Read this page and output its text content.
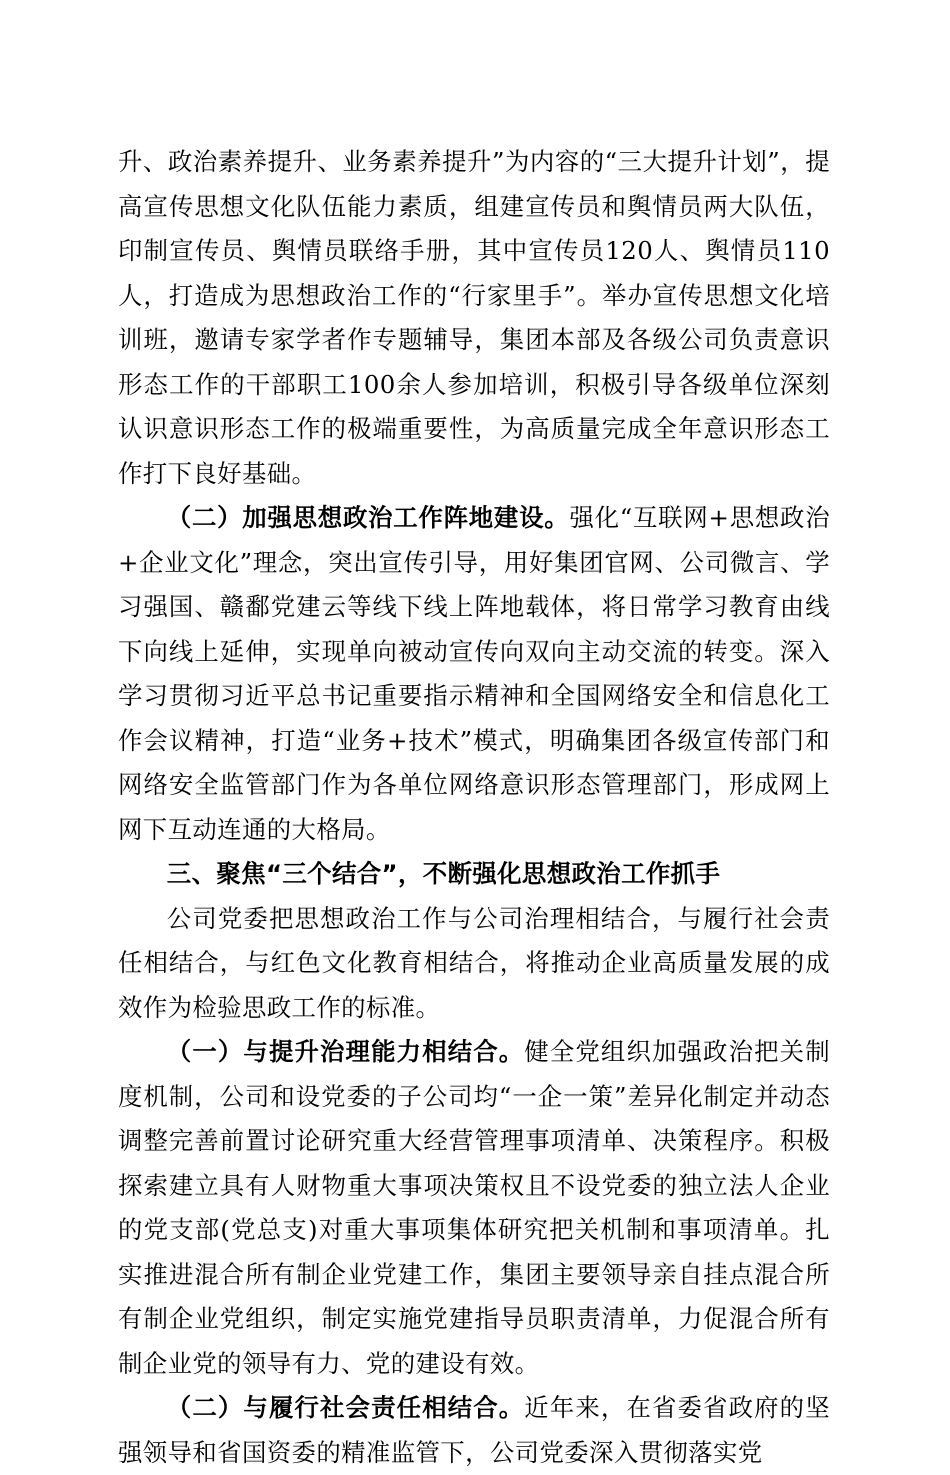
升、政治素养提升、业务素养提升”为内容的“三大提升计划”，提高宣传思想文化队伍能力素质，组建宣传员和舆情员两大队伍，印制宣传员、舆情员联络手册，其中宣传员120人、舆情员110人，打造成为思想政治工作的“行家里手”。举办宣传思想文化培训班，邀请专家学者作专题辅导，集团本部及各级公司负责意识形态工作的干部职工100余人参加培训，积极引导各级单位深刻认识意识形态工作的极端重要性，为高质量完成全年意识形态工作打下良好基础。

（二）加强思想政治工作阵地建设。强化“互联网+思想政治+企业文化”理念，突出宣传引导，用好集团官网、公司微言、学习强国、赣鄱党建云等线下线上阵地载体，将日常学习教育由线下向线上延伸，实现单向被动宣传向双向主动交流的转变。深入学习贯彻习近平总书记重要指示精神和全国网络安全和信息化工作会议精神，打造“业务+技术”模式，明确集团各级宣传部门和网络安全监管部门作为各单位网络意识形态管理部门，形成网上网下互动连通的大格局。

三、聚焦“三个结合”，不断强化思想政治工作抓手

公司党委把思想政治工作与公司治理相结合，与履行社会责任相结合，与红色文化教育相结合，将推动企业高质量发展的成效作为检验思政工作的标准。

（一）与提升治理能力相结合。健全党组织加强政治把关制度机制，公司和设党委的子公司均“一企一策”差异化制定并动态调整完善前置讨论研究重大经营管理事项清单、决策程序。积极探索建立具有人财物重大事项决策权且不设党委的独立法人企业的党支部(党总支)对重大事项集体研究把关机制和事项清单。扎实推进混合所有制企业党建工作，集团主要领导亲自挂点混合所有制企业党组织，制定实施党建指导员职责清单，力促混合所有制企业党的领导有力、党的建设有效。

（二）与履行社会责任相结合。近年来，在省委省政府的坚强领导和省国资委的精准监管下，公司党委深入贯彻落实党
